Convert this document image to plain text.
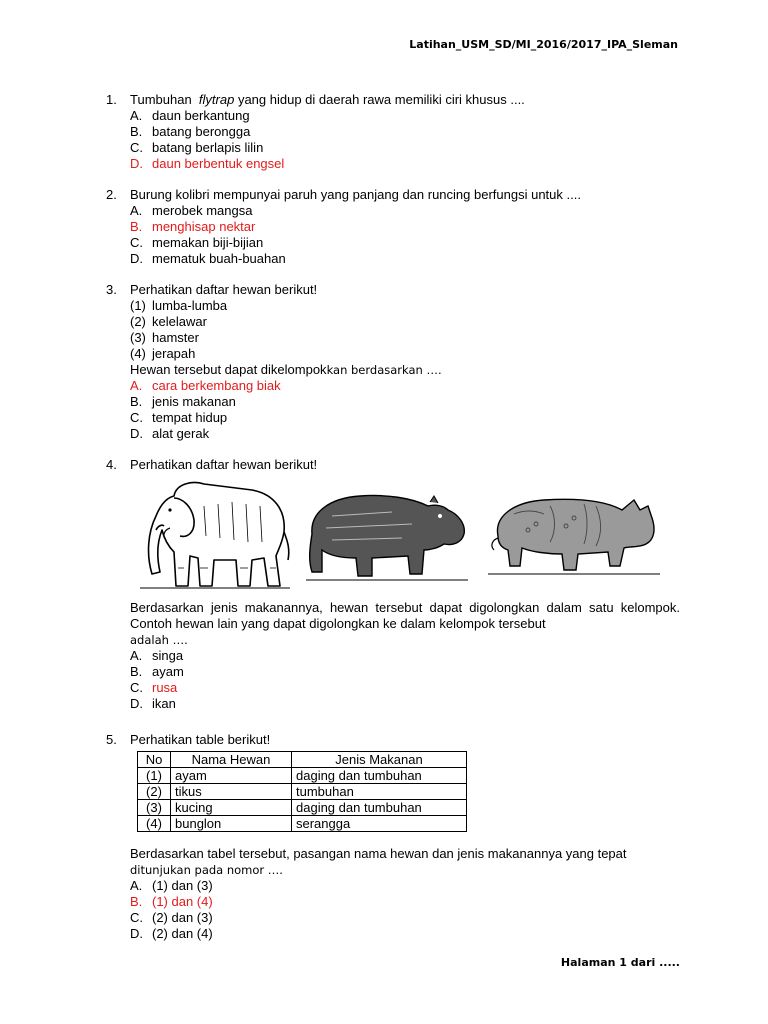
Latihan_USM_SD/MI_2016/2017_IPA_Sleman
1. Tumbuhan flytrap yang hidup di daerah rawa memiliki ciri khusus ....
A. daun berkantung
B. batang berongga
C. batang berlapis lilin
D. daun berbentuk engsel
2. Burung kolibri mempunyai paruh yang panjang dan runcing berfungsi untuk ....
A. merobek mangsa
B. menghisap nektar
C. memakan biji-bijian
D. mematuk buah-buahan
3. Perhatikan daftar hewan berikut!
(1) lumba-lumba
(2) kelelawar
(3) hamster
(4) jerapah
Hewan tersebut dapat dikelompokkan berdasarkan ….
A. cara berkembang biak
B. jenis makanan
C. tempat hidup
D. alat gerak
4. Perhatikan daftar hewan berikut!
Berdasarkan jenis makanannya, hewan tersebut dapat digolongkan dalam satu kelompok. Contoh hewan lain yang dapat digolongkan ke dalam kelompok tersebut
adalah ….
A. singa
B. ayam
C. rusa
D. ikan
5. Perhatikan table berikut!
No	Nama Hewan	Jenis Makanan
(1)	ayam	daging dan tumbuhan
(2)	tikus	tumbuhan
(3)	kucing	daging dan tumbuhan
(4)	bunglon	serangga
Berdasarkan tabel tersebut, pasangan nama hewan dan jenis makanannya yang tepat
ditunjukan pada nomor ….
A. (1) dan (3)
B. (1) dan (4)
C. (2) dan (3)
D. (2) dan (4)
Halaman 1 dari .....
